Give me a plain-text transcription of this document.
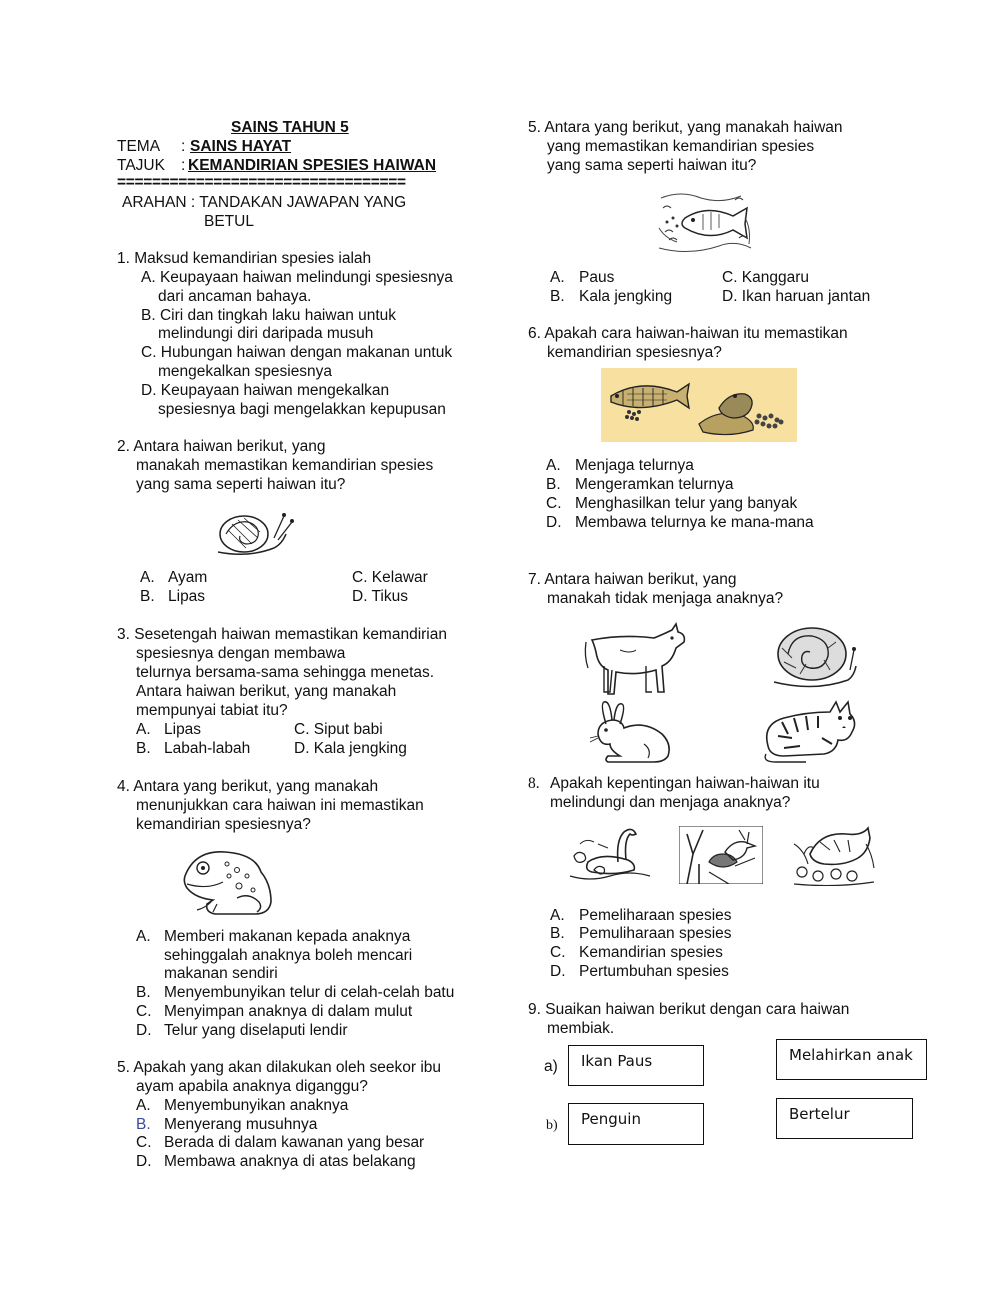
SAINS TAHUN 5
TEMA : SAINS HAYAT
TAJUK : KEMANDIRIAN SPESIES HAIWAN
=================================
ARAHAN : TANDAKAN JAWAPAN YANG
BETUL
1. Maksud kemandirian spesies ialah
A. Keupayaan haiwan melindungi spesiesnya
dari ancaman bahaya.
B. Ciri dan tingkah laku haiwan untuk
melindungi diri daripada musuh
C. Hubungan haiwan dengan makanan untuk
mengekalkan spesiesnya
D. Keupayaan haiwan mengekalkan
spesiesnya bagi mengelakkan kepupusan
2. Antara haiwan berikut, yang
manakah memastikan kemandirian spesies
yang sama seperti haiwan itu?
A. Ayam
B. Lipas
C. Kelawar
D. Tikus
3. Sesetengah haiwan memastikan kemandirian
spesiesnya dengan membawa
telurnya bersama-sama sehingga menetas.
Antara haiwan berikut, yang manakah
mempunyai tabiat itu?
A. Lipas
B. Labah-labah
C. Siput babi
D. Kala jengking
4. Antara yang berikut, yang manakah
menunjukkan cara haiwan ini memastikan
kemandirian spesiesnya?
A. Memberi makanan kepada anaknya
sehinggalah anaknya boleh mencari
makanan sendiri
B. Menyembunyikan telur di celah-celah batu
C. Menyimpan anaknya di dalam mulut
D. Telur yang diselaputi lendir
5. Apakah yang akan dilakukan oleh seekor ibu
ayam apabila anaknya diganggu?
A. Menyembunyikan anaknya
B. Menyerang musuhnya
C. Berada di dalam kawanan yang besar
D. Membawa anaknya di atas belakang
5. Antara yang berikut, yang manakah haiwan
yang memastikan kemandirian spesies
yang sama seperti haiwan itu?
A. Paus
B. Kala jengking
C. Kanggaru
D. Ikan haruan jantan
6. Apakah cara haiwan-haiwan itu memastikan
kemandirian spesiesnya?
A. Menjaga telurnya
B. Mengeramkan telurnya
C. Menghasilkan telur yang banyak
D. Membawa telurnya ke mana-mana
7. Antara haiwan berikut, yang
manakah tidak menjaga anaknya?
8. Apakah kepentingan haiwan-haiwan itu
melindungi dan menjaga anaknya?
A. Pemeliharaan spesies
B. Pemuliharaan spesies
C. Kemandirian spesies
D. Pertumbuhan spesies
9. Suaikan haiwan berikut dengan cara haiwan
membiak.
a)	Ikan Paus
b)	Penguin
Melahirkan anak
Bertelur
